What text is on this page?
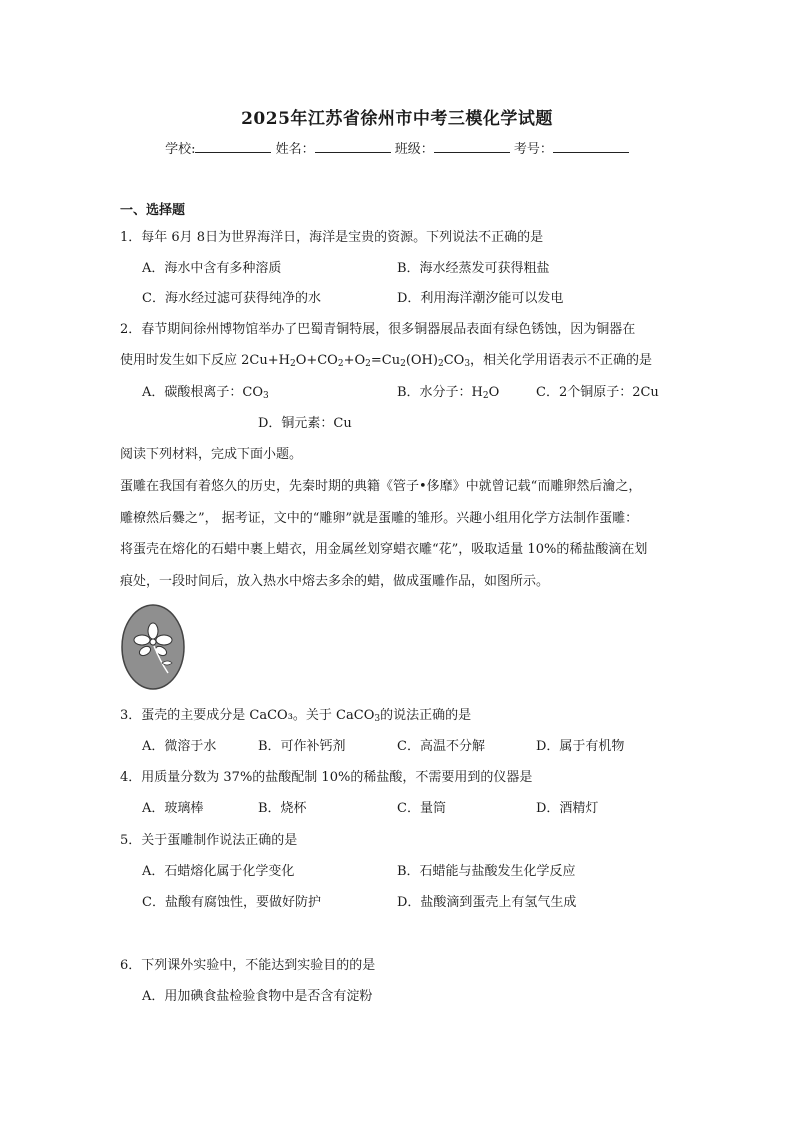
2025年江苏省徐州市中考三模化学试题
学校:	姓名：	班级：	考号：
一、选择题
1．每年 6月 8日为世界海洋日，海洋是宝贵的资源。下列说法不正确的是
A．海水中含有多种溶质	B．海水经蒸发可获得粗盐
C．海水经过滤可获得纯净的水	D．利用海洋潮汐能可以发电
2．春节期间徐州博物馆举办了巴蜀青铜特展，很多铜器展品表面有绿色锈蚀，因为铜器在
使用时发生如下反应 $2Cu+H_2O+CO_2+O_2=Cu_2(OH)_2CO_3$，相关化学用语表示不正确的是
A．碳酸根离子：$CO_3$	B．水分子：$H_2O$	C．2个铜原子：2Cu
D．铜元素：Cu
阅读下列材料，完成下面小题。
蛋雕在我国有着悠久的历史，先秦时期的典籍《管子•侈靡》中就曾记载“而雕卵然后瀹之，
雕橑然后爨之”， 据考证，文中的“雕卵”就是蛋雕的雏形。兴趣小组用化学方法制作蛋雕：
将蛋壳在熔化的石蜡中裹上蜡衣，用金属丝划穿蜡衣雕“花”，吸取适量 10%的稀盐酸滴在划
痕处，一段时间后，放入热水中熔去多余的蜡，做成蛋雕作品，如图所示。
3．蛋壳的主要成分是 CaCO₃。关于 CaCO$_3$的说法正确的是
A．微溶于水	B．可作补钙剂	C．高温不分解	D．属于有机物
4．用质量分数为 37%的盐酸配制 10%的稀盐酸，不需要用到的仪器是
A．玻璃棒	B．烧杯	C．量筒	D．酒精灯
5．关于蛋雕制作说法正确的是
A．石蜡熔化属于化学变化	B．石蜡能与盐酸发生化学反应
C．盐酸有腐蚀性，要做好防护	D．盐酸滴到蛋壳上有氢气生成
6．下列课外实验中，不能达到实验目的的是
A．用加碘食盐检验食物中是否含有淀粉
